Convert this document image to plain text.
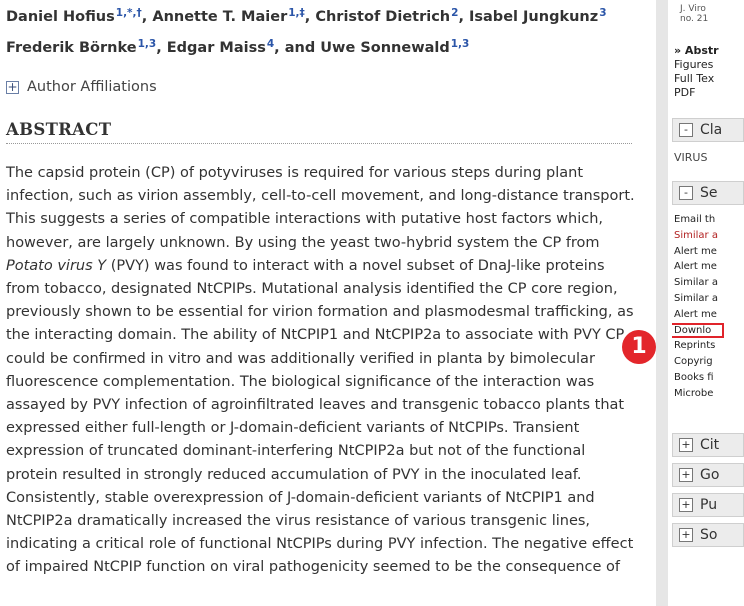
Daniel Hofius$^{1,*,\dagger}$, Annette T. Maier$^{1,\ddagger}$, Christof Dietrich$^2$, Isabel Jungkunz$^3$
Frederik Börnke$^{1,3}$, Edgar Maiss$^4$, and Uwe Sonnewald$^{1,3}$
+ Author Affiliations
ABSTRACT
The capsid protein (CP) of potyviruses is required for various steps during plant infection, such as virion assembly, cell-to-cell movement, and long-distance transport. This suggests a series of compatible interactions with putative host factors which, however, are largely unknown. By using the yeast two-hybrid system the CP from Potato virus Y (PVY) was found to interact with a novel subset of DnaJ-like proteins from tobacco, designated NtCPIPs. Mutational analysis identified the CP core region, previously shown to be essential for virion formation and plasmodesmal trafficking, as the interacting domain. The ability of NtCPIP1 and NtCPIP2a to associate with PVY CP could be confirmed in vitro and was additionally verified in planta by bimolecular fluorescence complementation. The biological significance of the interaction was assayed by PVY infection of agroinfiltrated leaves and transgenic tobacco plants that expressed either full-length or J-domain-deficient variants of NtCPIPs. Transient expression of truncated dominant-interfering NtCPIP2a but not of the functional protein resulted in strongly reduced accumulation of PVY in the inoculated leaf. Consistently, stable overexpression of J-domain-deficient variants of NtCPIP1 and NtCPIP2a dramatically increased the virus resistance of various transgenic lines, indicating a critical role of functional NtCPIPs during PVY infection. The negative effect of impaired NtCPIP function on viral pathogenicity seemed to be the consequence of
J. Viro
no. 21
» Abstr
Figures
Full Tex
PDF
- Cla
VIRUS
- Se
Email th
Similar a
Alert me
Alert me
Similar a
Similar a
Alert me
Downlo
Reprints
Copyrig
Books fi
Microbe
+ Cit
+ Go
+ Pu
+ So
1
